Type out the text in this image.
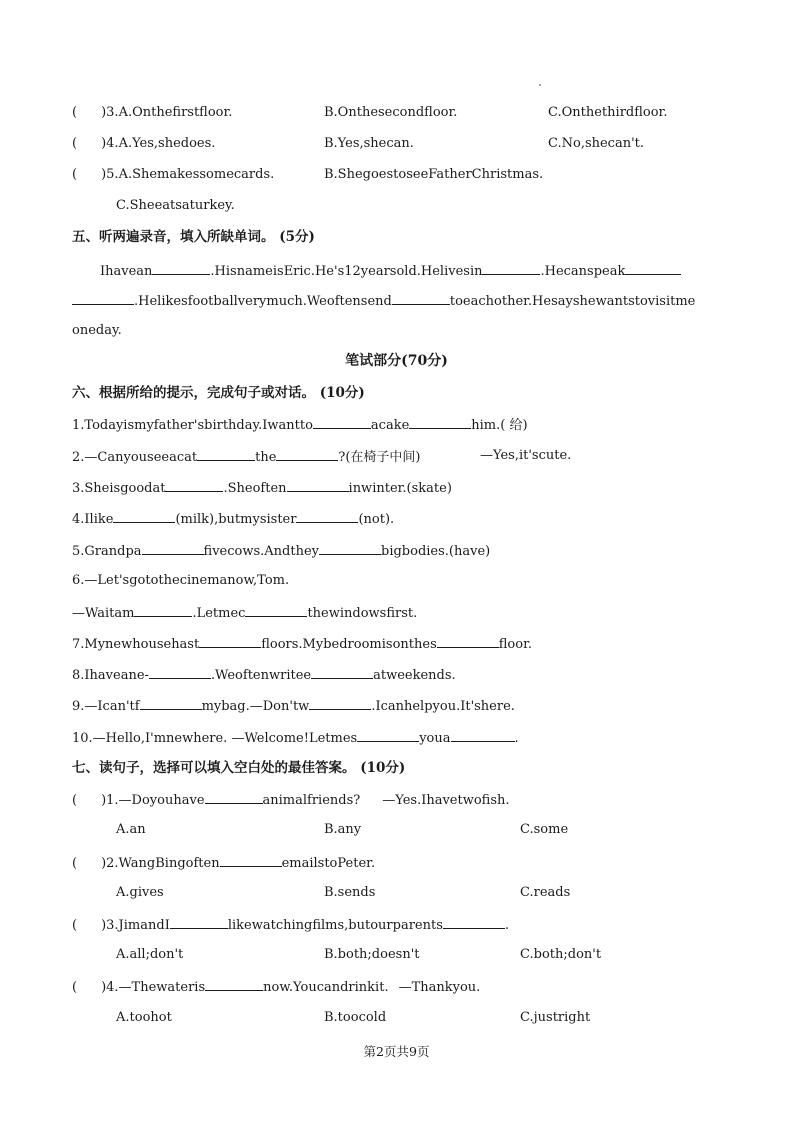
( )3.A.Onthefirstfloor.	B.Onthesecondfloor.	C.Onthethirdfloor.
( )4.A.Yes,shedoes.	B.Yes,shecan.	C.No,shecan't.
( )5.A.Shemakessomecards.	B.ShegoestoseeFatherChristmas.
C.Sheeatsaturkey.
五、听两遍录音，填入所缺单词。 (5分)
Ihavean	.HisnameisEric.He's12yearsold.Helivesin	.Hecanspeak
.Helikesfootballverymuch.Weoftensend	toeachother.Hesayshewantstovisitme
oneday.
笔试部分(70分)
六、根据所给的提示，完成句子或对话。 (10分)
1.Todayismyfather'sbirthday.Iwantto	acake	him.( 给)
2.—Canyouseeacat	the	?(在椅子中间)	—Yes,it'scute.
3.Sheisgoodat	.Sheoften	inwinter.(skate)
4.Ilike	(milk),butmysister	(not).
5.Grandpa	fivecows.Andthey	bigbodies.(have)
6.—Let'sgotothecinemanow,Tom.
—Waitam	.Letmec	thewindowsfirst.
7.Mynewhousehast	floors.Mybedroomisonthes	floor.
8.Ihaveane-	.Weoftenwritee	atweekends.
9.—Ican'tf	mybag.—Don'tw	.Icanhelpyou.It'shere.
10.—Hello,I'mnewhere. —Welcome!Letmes	youa	.
七、读句子，选择可以填入空白处的最佳答案。 (10分)
( )1.—Doyouhave	animalfriends? —Yes.Ihavetwofish.
A.an	B.any	C.some
( )2.WangBingoften	emailstoPeter.
A.gives	B.sends	C.reads
( )3.JimandI	likewatchingfilms,butourparents	.
A.all;don't	B.both;doesn't	C.both;don't
( )4.—Thewateris	now.Youcandrinkit. —Thankyou.
A.toohot	B.toocold	C.justright
第2页共9页
